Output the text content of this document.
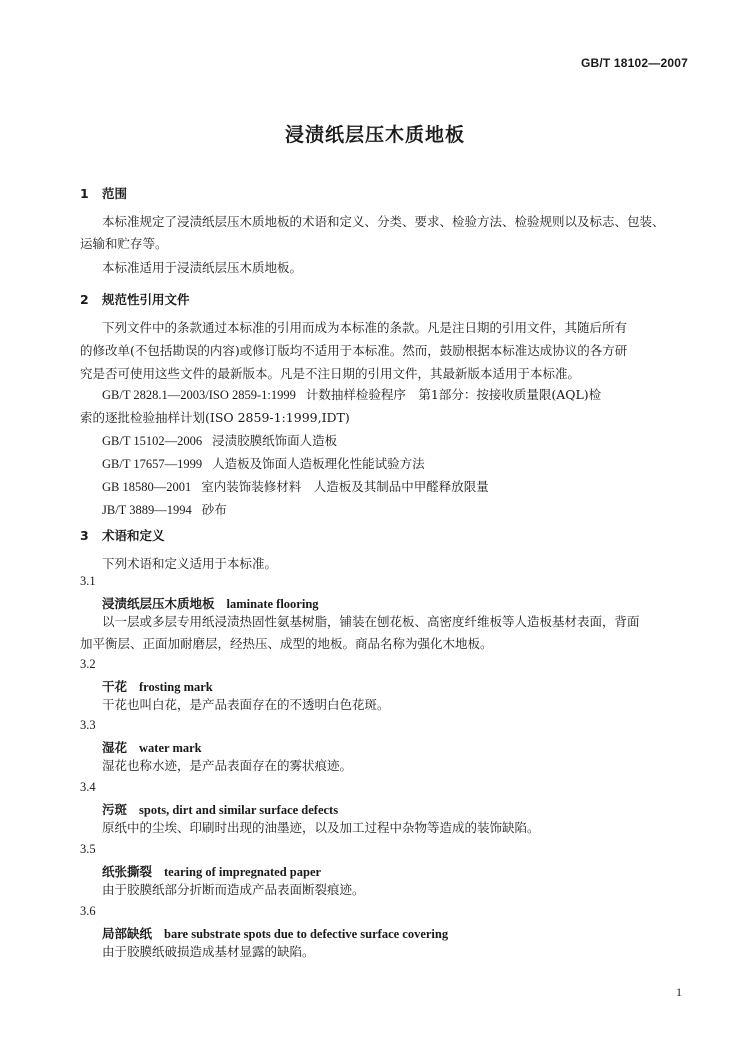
GB/T 18102—2007
浸渍纸层压木质地板
1 范围
本标准规定了浸渍纸层压木质地板的术语和定义、分类、要求、检验方法、检验规则以及标志、包装、
运输和贮存等。
本标准适用于浸渍纸层压木质地板。
2 规范性引用文件
下列文件中的条款通过本标准的引用而成为本标准的条款。凡是注日期的引用文件，其随后所有
的修改单(不包括勘误的内容)或修订版均不适用于本标准。然而，鼓励根据本标准达成协议的各方研
究是否可使用这些文件的最新版本。凡是不注日期的引用文件，其最新版本适用于本标准。
GB/T 2828.1—2003/ISO 2859-1:1999 计数抽样检验程序　第1部分：按接收质量限(AQL)检
索的逐批检验抽样计划(ISO 2859-1:1999,IDT)
GB/T 15102—2006 浸渍胶膜纸饰面人造板
GB/T 17657—1999 人造板及饰面人造板理化性能试验方法
GB 18580—2001 室内装饰装修材料　人造板及其制品中甲醛释放限量
JB/T 3889—1994 砂布
3 术语和定义
下列术语和定义适用于本标准。
3.1
浸渍纸层压木质地板 laminate flooring
以一层或多层专用纸浸渍热固性氨基树脂，铺装在刨花板、高密度纤维板等人造板基材表面，背面
加平衡层、正面加耐磨层，经热压、成型的地板。商品名称为强化木地板。
3.2
干花 frosting mark
干花也叫白花，是产品表面存在的不透明白色花斑。
3.3
湿花 water mark
湿花也称水迹，是产品表面存在的雾状痕迹。
3.4
污斑 spots, dirt and similar surface defects
原纸中的尘埃、印刷时出现的油墨迹，以及加工过程中杂物等造成的装饰缺陷。
3.5
纸张撕裂 tearing of impregnated paper
由于胶膜纸部分折断而造成产品表面断裂痕迹。
3.6
局部缺纸 bare substrate spots due to defective surface covering
由于胶膜纸破损造成基材显露的缺陷。
1
